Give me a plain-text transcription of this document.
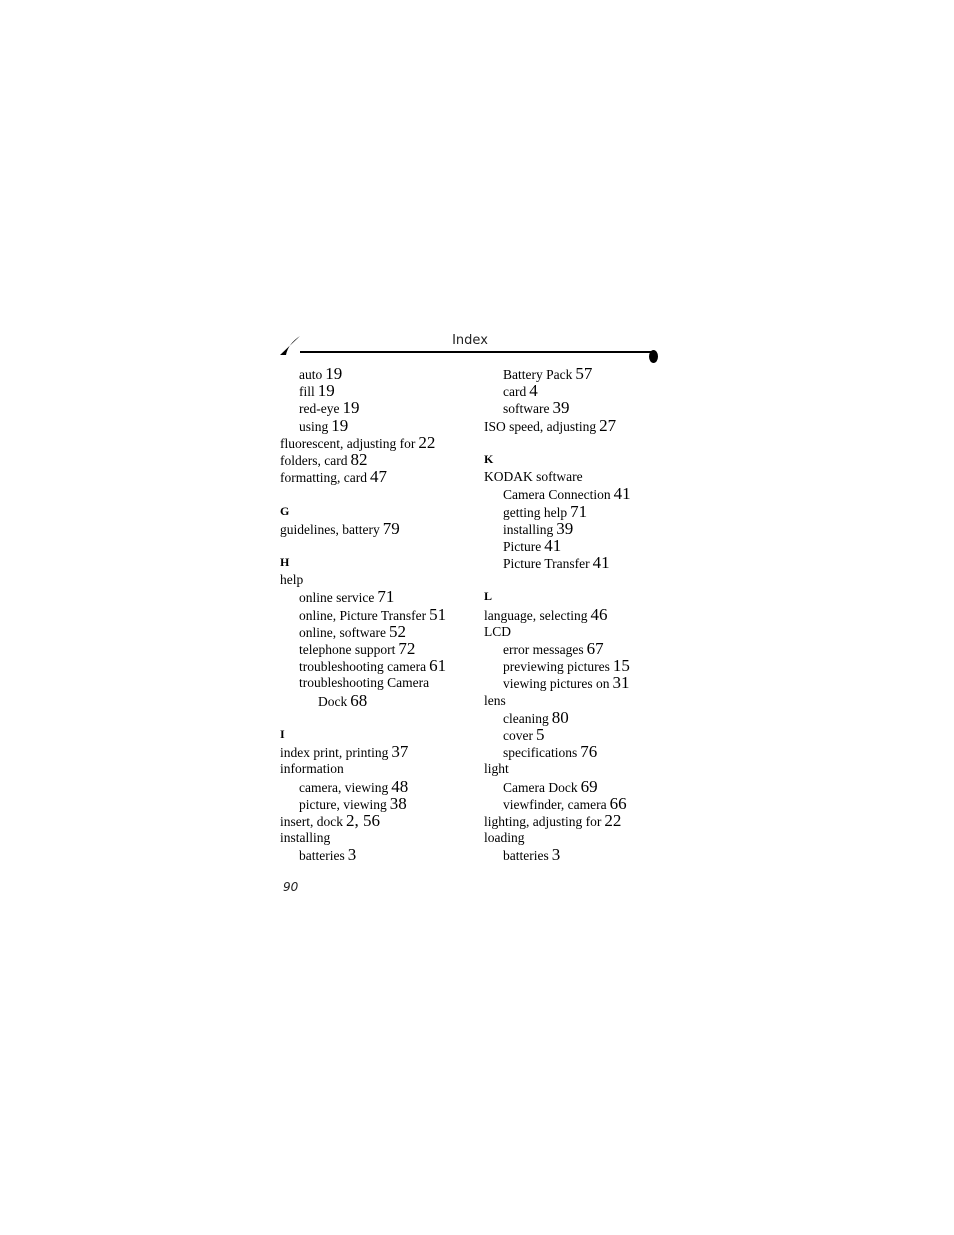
Index
auto 19
fill 19
red-eye 19
using 19
fluorescent, adjusting for 22
folders, card 82
formatting, card 47
G
guidelines, battery 79
H
help
online service 71
online, Picture Transfer 51
online, software 52
telephone support 72
troubleshooting camera 61
troubleshooting Camera
Dock 68
I
index print, printing 37
information
camera, viewing 48
picture, viewing 38
insert, dock 2, 56
installing
batteries 3
Battery Pack 57
card 4
software 39
ISO speed, adjusting 27
K
KODAK software
Camera Connection 41
getting help 71
installing 39
Picture 41
Picture Transfer 41
L
language, selecting 46
LCD
error messages 67
previewing pictures 15
viewing pictures on 31
lens
cleaning 80
cover 5
specifications 76
light
Camera Dock 69
viewfinder, camera 66
lighting, adjusting for 22
loading
batteries 3
90
